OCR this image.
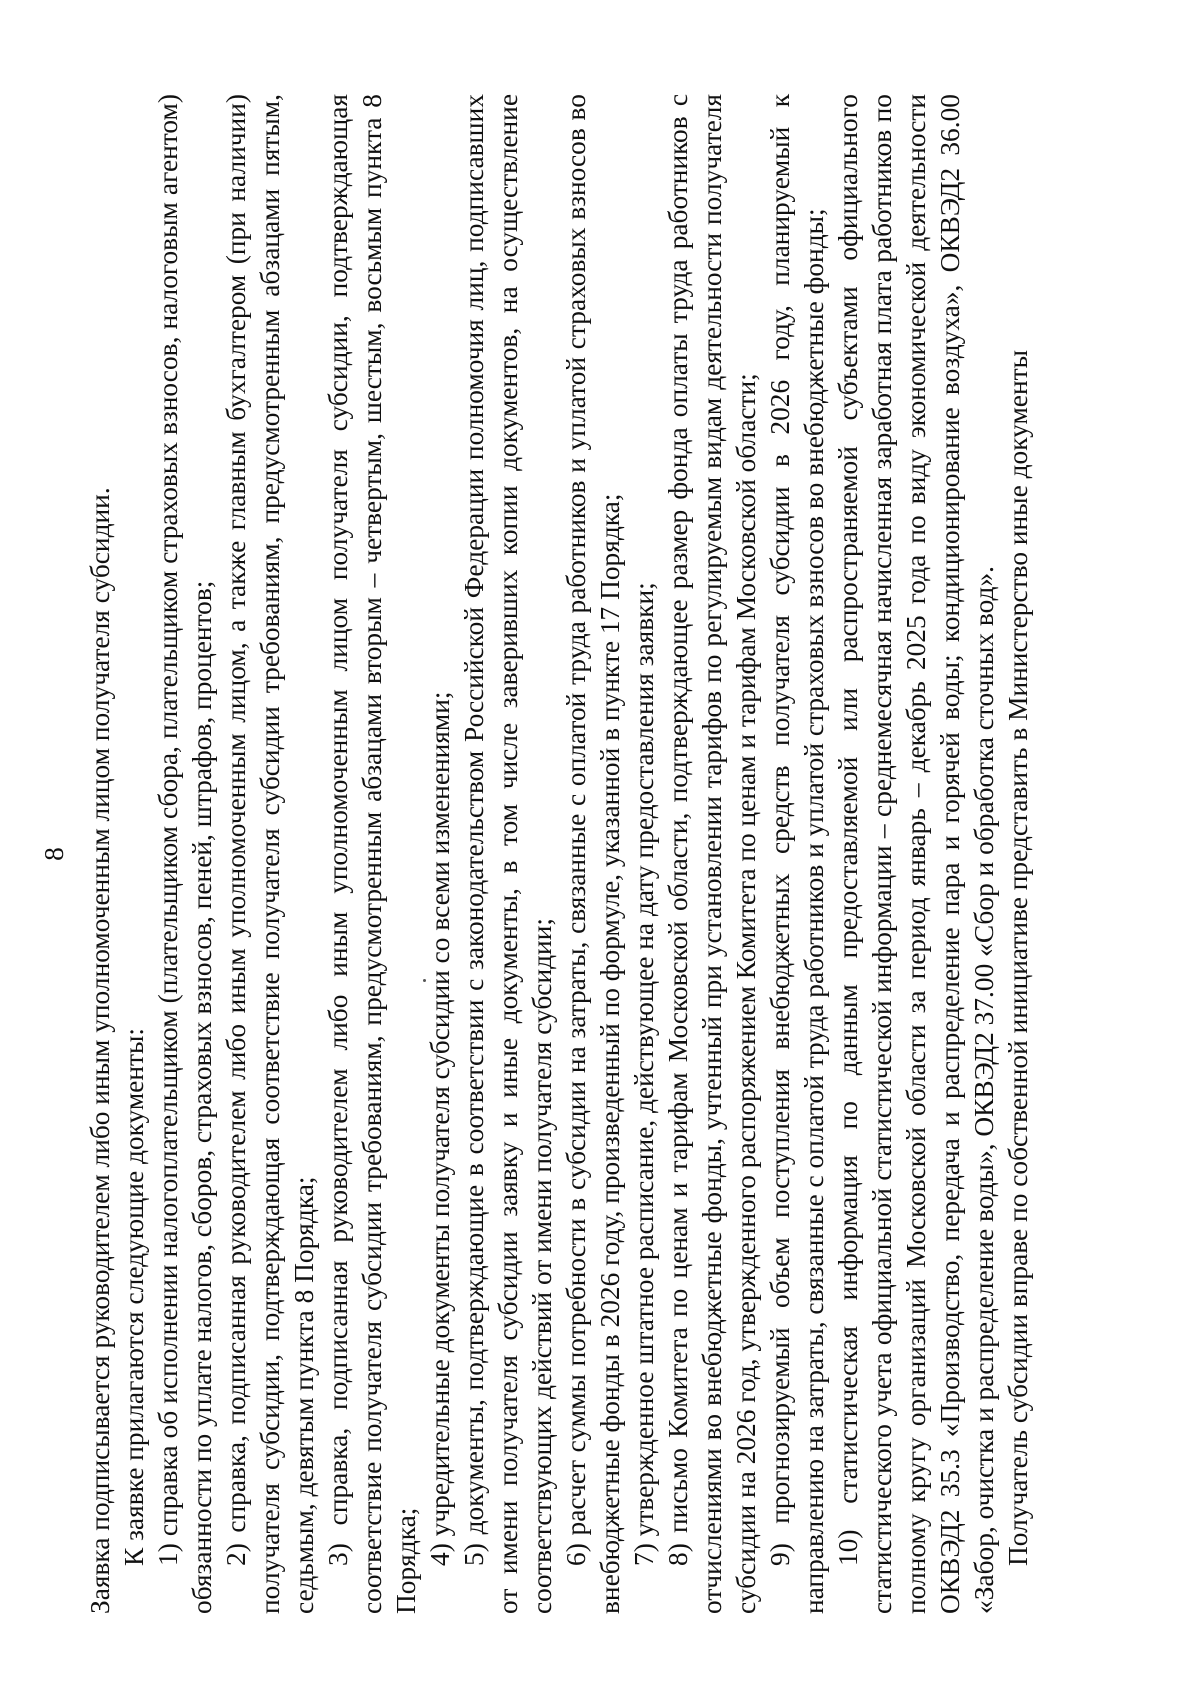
8 Заявка подписывается руководителем либо иным уполномоченным лицом получателя субсидии. К заявке прилагаются следующие документы: 1) справка об исполнении налогоплательщиком (плательщиком сбора, плательщиком страховых взносов, налоговым агентом) обязанности по уплате налогов, сборов, страховых взносов, пеней, штрафов, процентов; 2) справка, подписанная руководителем либо иным уполномоченным лицом, а также главным бухгалтером (при наличии) получателя субсидии, подтверждающая соответствие получателя субсидии требованиям, предусмотренным абзацами пятым, седьмым, девятым пункта 8 Порядка; 3) справка, подписанная руководителем либо иным уполномоченным лицом получателя субсидии, подтверждающая соответствие получателя субсидии требованиям, предусмотренным абзацами вторым – четвертым, шестым, восьмым пункта 8 Порядка; 4) учредительные документы получателя субсидии со всеми изменениями; 5) документы, подтверждающие в соответствии с законодательством Российской Федерации полномочия лиц, подписавших от имени получателя субсидии заявку и иные документы, в том числе заверивших копии документов, на осуществление соответствующих действий от имени получателя субсидии; 6) расчет суммы потребности в субсидии на затраты, связанные с оплатой труда работников и уплатой страховых взносов во внебюджетные фонды в 2026 году, произведенный по формуле, указанной в пункте 17 Порядка; 7) утвержденное штатное расписание, действующее на дату предоставления заявки; 8) письмо Комитета по ценам и тарифам Московской области, подтверждающее размер фонда оплаты труда работников с отчислениями во внебюджетные фонды, учтенный при установлении тарифов по регулируемым видам деятельности получателя субсидии на 2026 год, утвержденного распоряжением Комитета по ценам и тарифам Московской области; 9) прогнозируемый объем поступления внебюджетных средств получателя субсидии в 2026 году, планируемый к направлению на затраты, связанные с оплатой труда работников и уплатой страховых взносов во внебюджетные фонды; 10) статистическая информация по данным предоставляемой или распространяемой субъектами официального статистического учета официальной статистической информации – среднемесячная начисленная заработная плата работников по полному кругу организаций Московской области за период январь – декабрь 2025 года по виду экономической деятельности ОКВЭД2 35.3 «Производство, передача и распределение пара и горячей воды; кондиционирование воздуха», ОКВЭД2 36.00 «Забор, очистка и распределение воды», ОКВЭД2 37.00 «Сбор и обработка сточных вод». Получатель субсидии вправе по собственной инициативе представить в Министерство иные документы
